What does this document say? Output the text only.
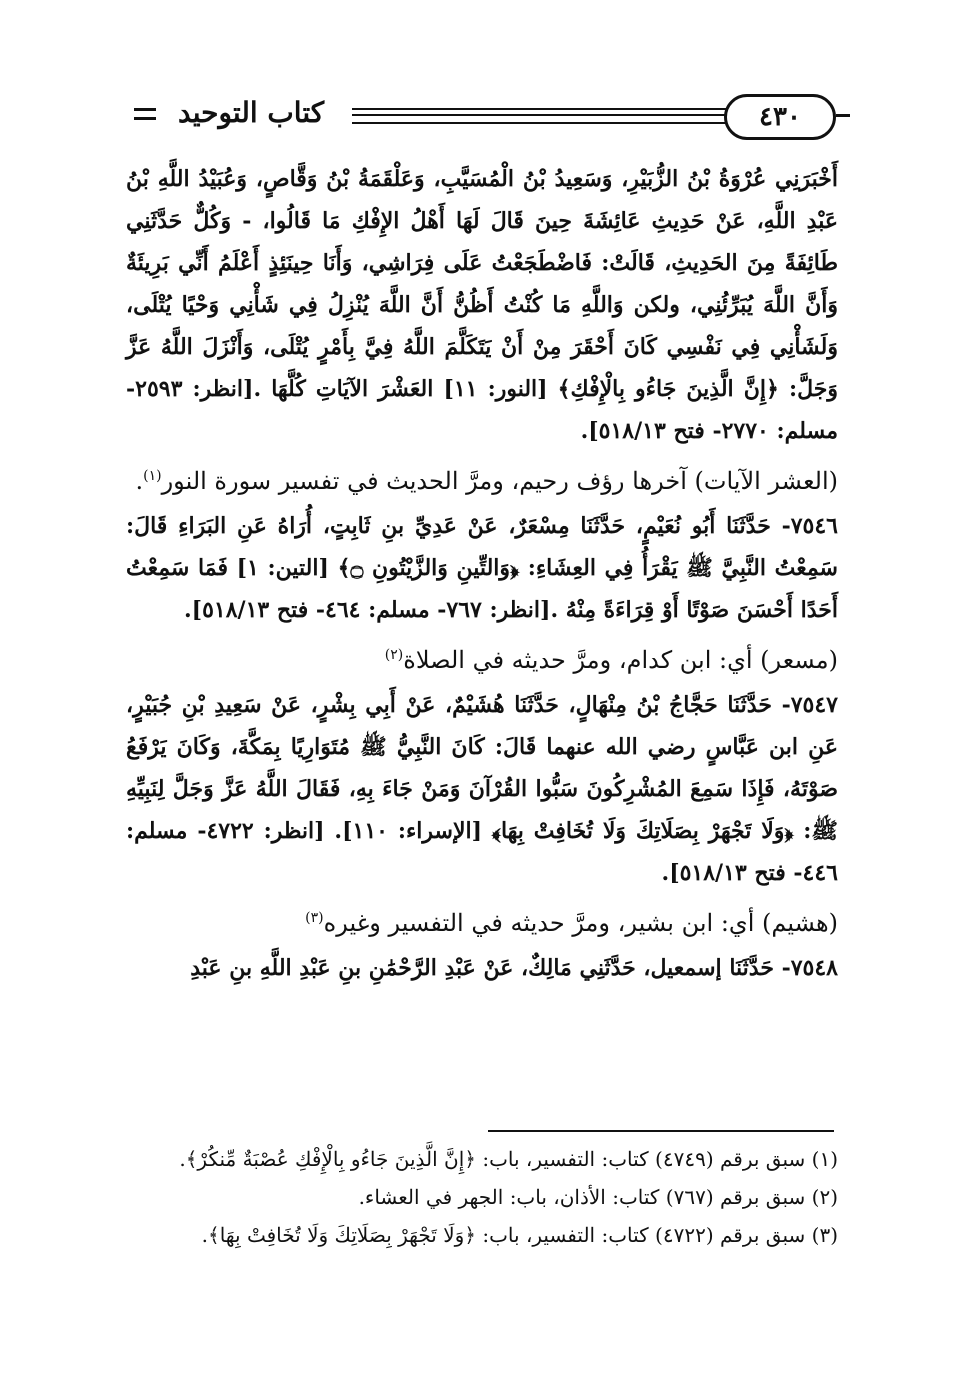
كتاب التوحيد	٤٣٠

أَخْبَرَنِي عُرْوَةُ بْنُ الزُّبَيْرِ، وَسَعِيدُ بْنُ الْمُسَيَّبِ، وَعَلْقَمَةُ بْنُ وَقَّاصٍ، وَعُبَيْدُ اللَّهِ بْنُ عَبْدِ اللَّهِ، عَنْ حَدِيثِ عَائِشَةَ حِينَ قَالَ لَهَا أَهْلُ الإِفْكِ مَا قَالُوا، - وَكُلٌّ حَدَّثَنِي طَائِفَةً مِنَ الحَدِيثِ، قَالَتْ: فَاضْطَجَعْتُ عَلَى فِرَاشِي، وَأَنَا حِينَئِذٍ أَعْلَمُ أَنِّي بَرِيئَةٌ وَأَنَّ اللَّهَ يُبَرِّئُنِي، ولكن وَاللَّهِ مَا كُنْتُ أَظُنُّ أَنَّ اللَّهَ يُنْزِلُ فِي شَأْنِي وَحْيًا يُتْلَى، وَلَشَأْنِي فِي نَفْسِي كَانَ أَحْقَرَ مِنْ أَنْ يَتَكَلَّمَ اللَّهُ فِيَّ بِأَمْرٍ يُتْلَى، وَأَنْزَلَ اللَّهُ عَزَّ وَجَلَّ: ﴿إِنَّ الَّذِينَ جَاءُو بِالْإِفْكِ﴾ [النور: ١١] العَشْرَ الآيَاتِ كُلَّهَا .[انظر: ٢٥٩٣- مسلم: ٢٧٧٠- فتح ٥١٨/١٣].

(العشر الآيات) آخرها رؤف رحيم، ومرَّ الحديث في تفسير سورة النور$^{(١)}$.

٧٥٤٦- حَدَّثَنَا أَبُو نُعَيْمٍ، حَدَّثَنَا مِسْعَرٌ، عَنْ عَدِيِّ بنِ ثَابِتٍ، أُرَاهُ عَنِ البَرَاءِ قَالَ: سَمِعْتُ النَّبِيَّ ﷺ يَقْرَأُ فِي العِشَاءِ: ﴿وَالتِّينِ وَالزَّيْتُونِ ۝﴾ [التين: ١] فَمَا سَمِعْتُ أَحَدًا أَحْسَنَ صَوْتًا أَوْ قِرَاءَةً مِنْهُ .[انظر: ٧٦٧- مسلم: ٤٦٤- فتح ٥١٨/١٣].

(مسعر) أي: ابن كدام، ومرَّ حديثه في الصلاة$^{(٢)}$

٧٥٤٧- حَدَّثَنَا حَجَّاجُ بْنُ مِنْهَالٍ، حَدَّثَنَا هُشَيْمٌ، عَنْ أَبِي بِشْرٍ، عَنْ سَعِيدِ بْنِ جُبَيْرٍ، عَنِ ابن عَبَّاسٍ رضي الله عنهما قَالَ: كَانَ النَّبِيُّ ﷺ مُتَوَارِيًا بِمَكَّةَ، وَكَانَ يَرْفَعُ صَوْتَهُ، فَإِذَا سَمِعَ المُشْرِكُونَ سَبُّوا القُرْآنَ وَمَنْ جَاءَ بِهِ، فَقَالَ اللَّهُ عَزَّ وَجَلَّ لِنَبِيِّهِ ﷺ: ﴿وَلَا تَجْهَرْ بِصَلَاتِكَ وَلَا تُخَافِتْ بِهَا﴾ [الإسراء: ١١٠]. [انظر: ٤٧٢٢- مسلم: ٤٤٦- فتح ٥١٨/١٣].

(هشيم) أي: ابن بشير، ومرَّ حديثه في التفسير وغيره$^{(٣)}$

٧٥٤٨- حَدَّثَنَا إسمعيل، حَدَّثَنِي مَالِكٌ، عَنْ عَبْدِ الرَّحْمَٰنِ بنِ عَبْدِ اللَّهِ بنِ عَبْدِ

(١) سبق برقم (٤٧٤٩) كتاب: التفسير، باب: ﴿إِنَّ الَّذِينَ جَاءُو بِالْإِفْكِ عُصْبَةٌ مِّنكُرْ﴾.

(٢) سبق برقم (٧٦٧) كتاب: الأذان، باب: الجهر في العشاء.

(٣) سبق برقم (٤٧٢٢) كتاب: التفسير، باب: ﴿وَلَا تَجْهَرْ بِصَلَاتِكَ وَلَا تُخَافِتْ بِهَا﴾.
